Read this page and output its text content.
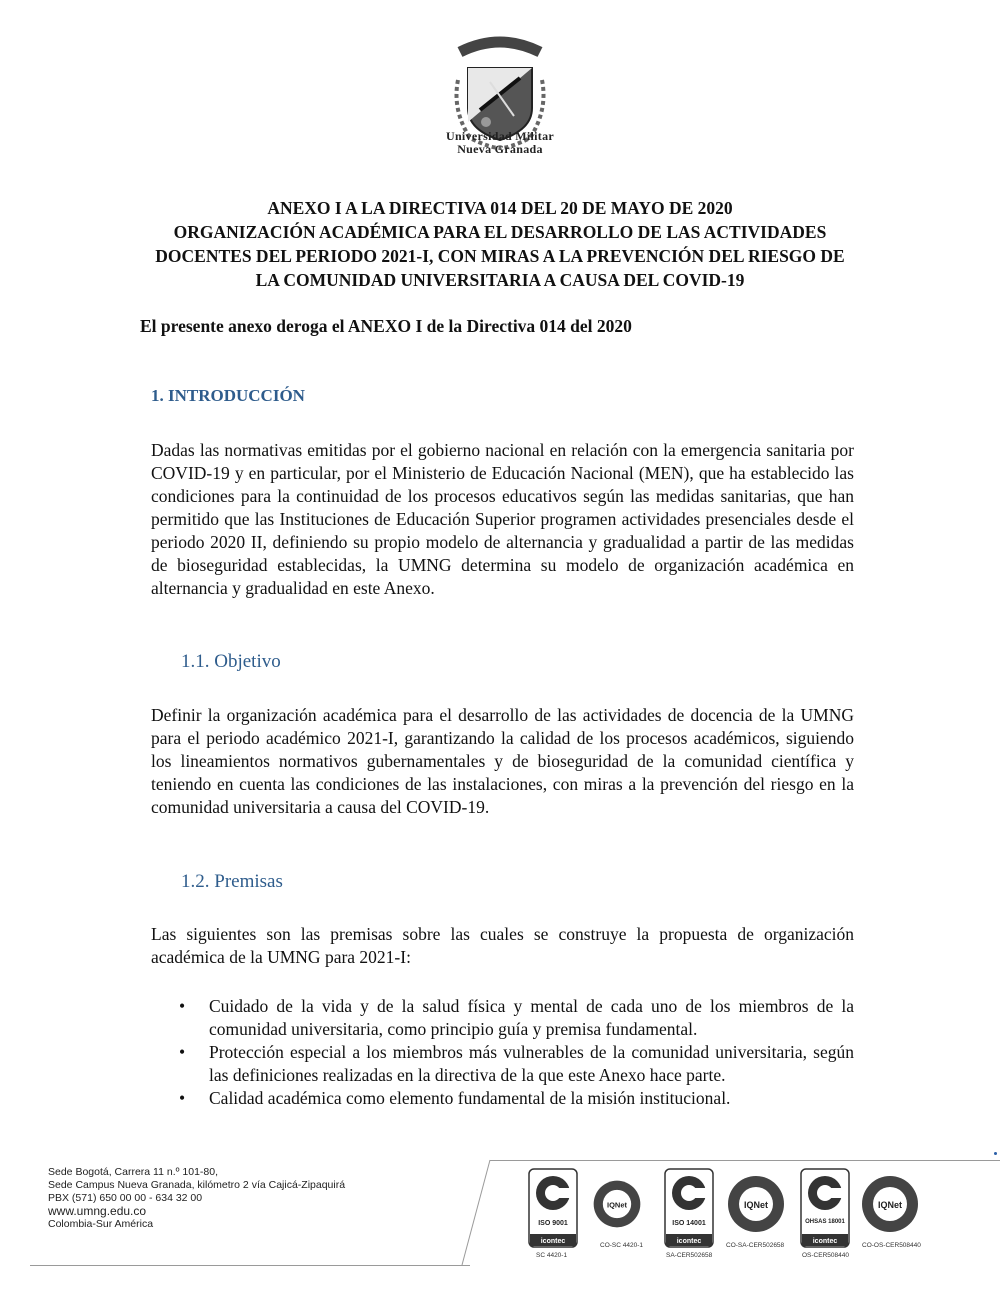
Universidad Militar
Nueva Granada
ANEXO I A LA DIRECTIVA 014 DEL 20 DE MAYO DE 2020
ORGANIZACIÓN ACADÉMICA PARA EL DESARROLLO DE LAS ACTIVIDADES
DOCENTES DEL PERIODO 2021-I, CON MIRAS A LA PREVENCIÓN DEL RIESGO DE
LA COMUNIDAD UNIVERSITARIA A CAUSA DEL COVID-19
El presente anexo deroga el ANEXO I de la Directiva 014 del 2020
1. INTRODUCCIÓN
Dadas las normativas emitidas por el gobierno nacional en relación con la emergencia sanitaria por COVID-19 y en particular, por el Ministerio de Educación Nacional (MEN), que ha establecido las condiciones para la continuidad de los procesos educativos según las medidas sanitarias, que han permitido que las Instituciones de Educación Superior programen actividades presenciales desde el periodo 2020 II, definiendo su propio modelo de alternancia y gradualidad a partir de las medidas de bioseguridad establecidas, la UMNG determina su modelo de organización académica en alternancia y gradualidad en este Anexo.
1.1. Objetivo
Definir la organización académica para el desarrollo de las actividades de docencia de la UMNG para el periodo académico 2021-I, garantizando la calidad de los procesos académicos, siguiendo los lineamientos normativos gubernamentales y de bioseguridad de la comunidad científica y teniendo en cuenta las condiciones de las instalaciones, con miras a la prevención del riesgo en la comunidad universitaria a causa del COVID-19.
1.2. Premisas
Las siguientes son las premisas sobre las cuales se construye la propuesta de organización académica de la UMNG para 2021-I:
• Cuidado de la vida y de la salud física y mental de cada uno de los miembros de la comunidad universitaria, como principio guía y premisa fundamental.
• Protección especial a los miembros más vulnerables de la comunidad universitaria, según las definiciones realizadas en la directiva de la que este Anexo hace parte.
• Calidad académica como elemento fundamental de la misión institucional.
Sede Bogotá, Carrera 11 n.º 101-80,
Sede Campus Nueva Granada, kilómetro 2 vía Cajicá-Zipaquirá
PBX (571) 650 00 00 - 634 32 00
www.umng.edu.co
Colombia-Sur América	ISO 9001
icontec
SC 4420-1
IQNet
CO-SC 4420-1
ISO 14001
icontec
SA-CER502658
IQNet
CO-SA-CER502658
OHSAS 18001
icontec
OS-CER508440
IQNet
CO-OS-CER508440
